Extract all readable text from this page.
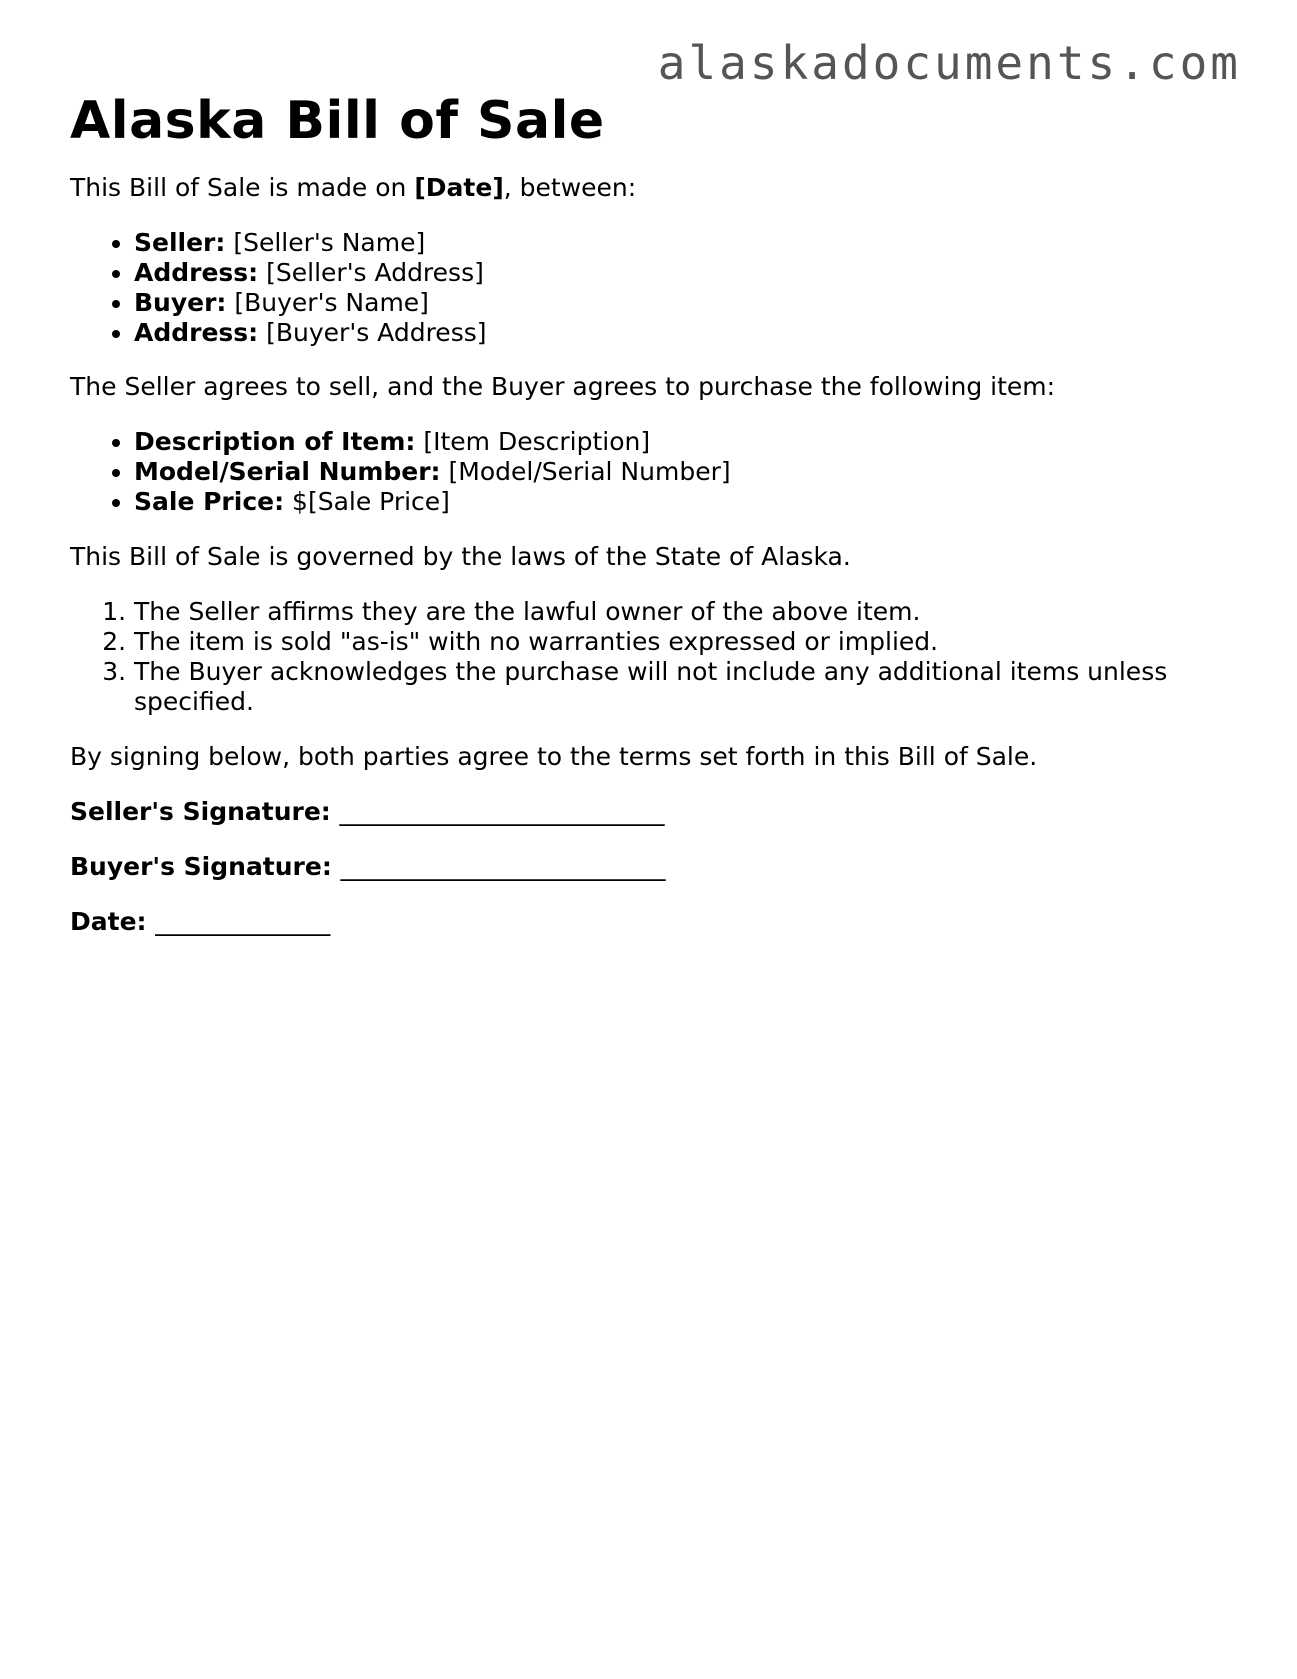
alaskadocuments.com
Alaska Bill of Sale

This Bill of Sale is made on [Date], between:

• Seller: [Seller's Name]
• Address: [Seller's Address]
• Buyer: [Buyer's Name]
• Address: [Buyer's Address]

The Seller agrees to sell, and the Buyer agrees to purchase the following item:

• Description of Item: [Item Description]
• Model/Serial Number: [Model/Serial Number]
• Sale Price: $[Sale Price]

This Bill of Sale is governed by the laws of the State of Alaska.

1. The Seller affirms they are the lawful owner of the above item.
2. The item is sold "as-is" with no warranties expressed or implied.
3. The Buyer acknowledges the purchase will not include any additional items unless specified.

By signing below, both parties agree to the terms set forth in this Bill of Sale.

Seller's Signature: __________________________

Buyer's Signature: __________________________

Date: ______________
